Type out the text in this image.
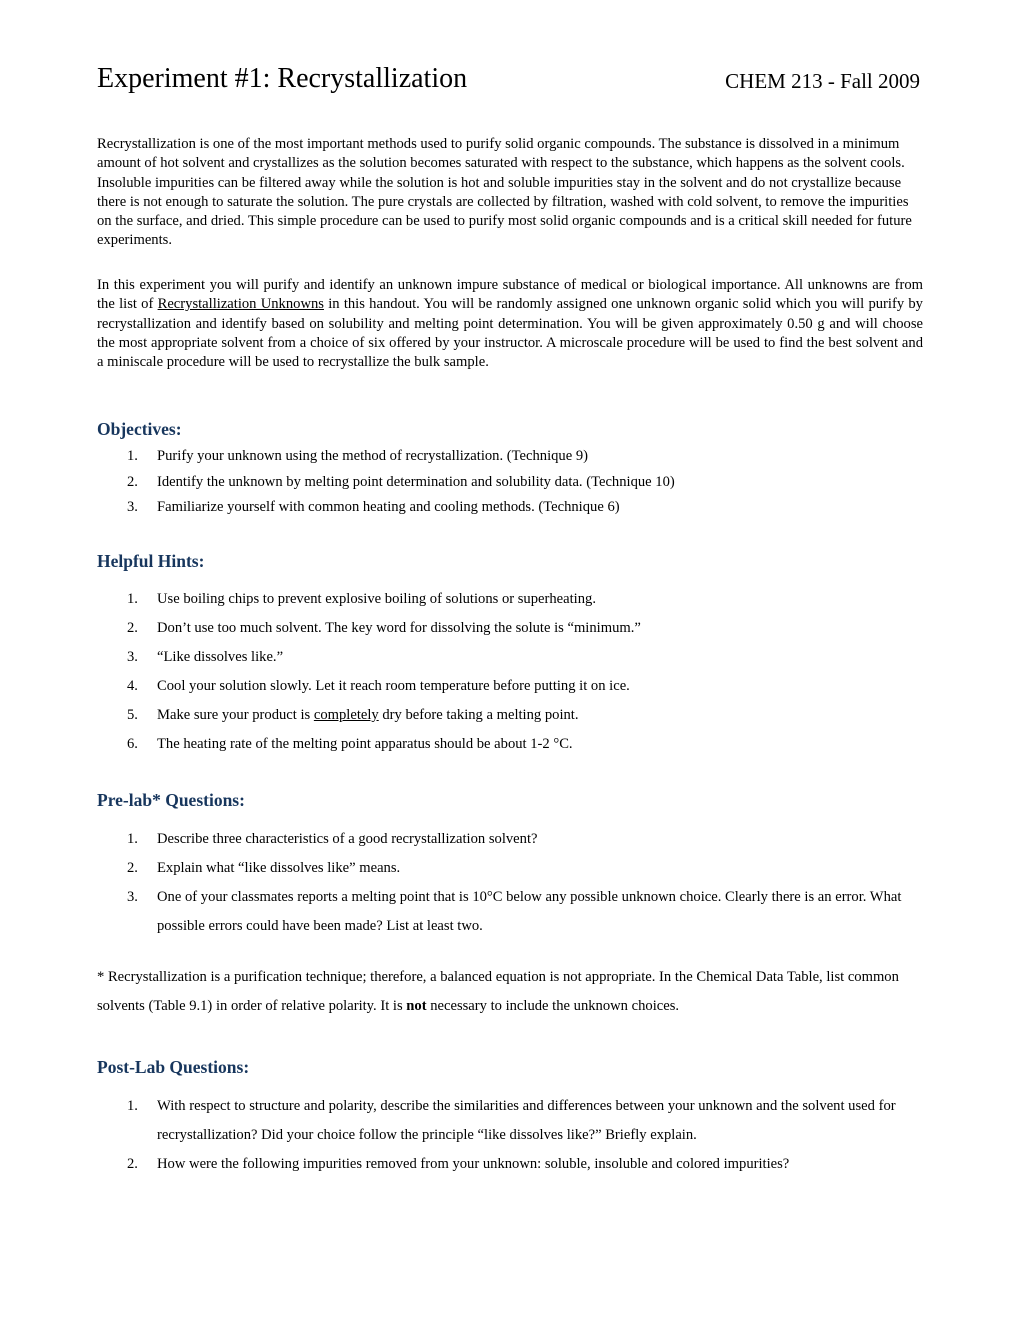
Experiment #1: Recrystallization	CHEM 213 - Fall 2009

Recrystallization is one of the most important methods used to purify solid organic compounds. The substance is dissolved in a minimum amount of hot solvent and crystallizes as the solution becomes saturated with respect to the substance, which happens as the solvent cools. Insoluble impurities can be filtered away while the solution is hot and soluble impurities stay in the solvent and do not crystallize because there is not enough to saturate the solution. The pure crystals are collected by filtration, washed with cold solvent, to remove the impurities on the surface, and dried. This simple procedure can be used to purify most solid organic compounds and is a critical skill needed for future experiments.

In this experiment you will purify and identify an unknown impure substance of medical or biological importance. All unknowns are from the list of Recrystallization Unknowns in this handout. You will be randomly assigned one unknown organic solid which you will purify by recrystallization and identify based on solubility and melting point determination. You will be given approximately 0.50 g and will choose the most appropriate solvent from a choice of six offered by your instructor. A microscale procedure will be used to find the best solvent and a miniscale procedure will be used to recrystallize the bulk sample.

Objectives:
1. Purify your unknown using the method of recrystallization. (Technique 9)
2. Identify the unknown by melting point determination and solubility data. (Technique 10)
3. Familiarize yourself with common heating and cooling methods. (Technique 6)
Helpful Hints:
1. Use boiling chips to prevent explosive boiling of solutions or superheating.
2. Don’t use too much solvent. The key word for dissolving the solute is “minimum.”
3. “Like dissolves like.”
4. Cool your solution slowly. Let it reach room temperature before putting it on ice.
5. Make sure your product is completely dry before taking a melting point.
6. The heating rate of the melting point apparatus should be about 1-2 °C.
Pre-lab* Questions:
1. Describe three characteristics of a good recrystallization solvent?
2. Explain what “like dissolves like” means.
3. One of your classmates reports a melting point that is 10°C below any possible unknown choice. Clearly there is an error. What possible errors could have been made? List at least two.

* Recrystallization is a purification technique; therefore, a balanced equation is not appropriate. In the Chemical Data Table, list common solvents (Table 9.1) in order of relative polarity. It is not necessary to include the unknown choices.

Post-Lab Questions:
1. With respect to structure and polarity, describe the similarities and differences between your unknown and the solvent used for recrystallization? Did your choice follow the principle “like dissolves like?” Briefly explain.
2. How were the following impurities removed from your unknown: soluble, insoluble and colored impurities?
